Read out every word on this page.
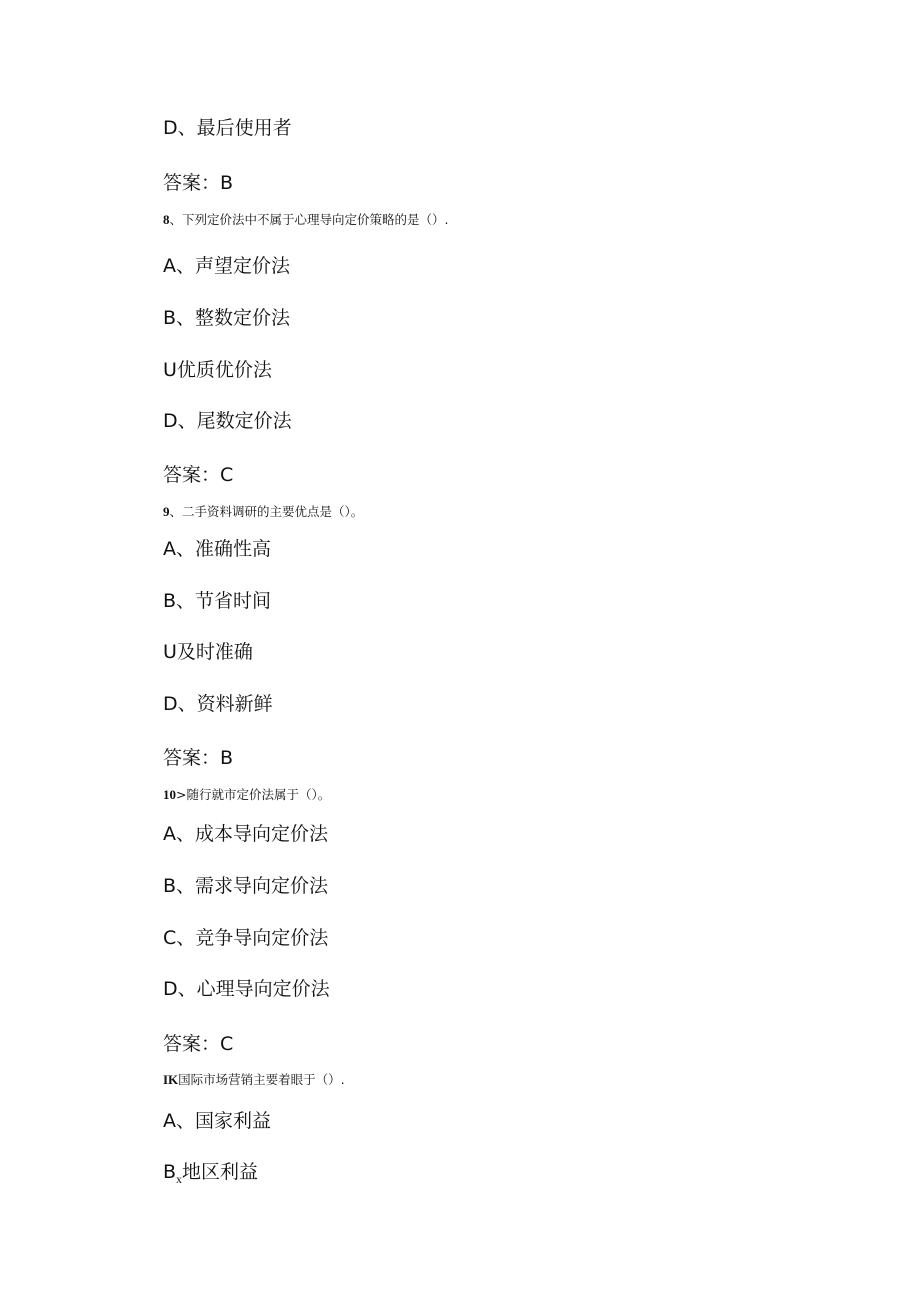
D、最后使用者
答案：B
8、下列定价法中不属于心理导向定价策略的是（）.
A、声望定价法
B、整数定价法
U优质优价法
D、尾数定价法
答案：C
9、二手资料调研的主要优点是（）。
A、准确性高
B、节省时间
U及时准确
D、资料新鲜
答案：B
10>随行就市定价法属于（）。
A、成本导向定价法
B、需求导向定价法
C、竞争导向定价法
D、心理导向定价法
答案：C
IK国际市场营销主要着眼于（）.
A、国家利益
$B_x$地区利益
